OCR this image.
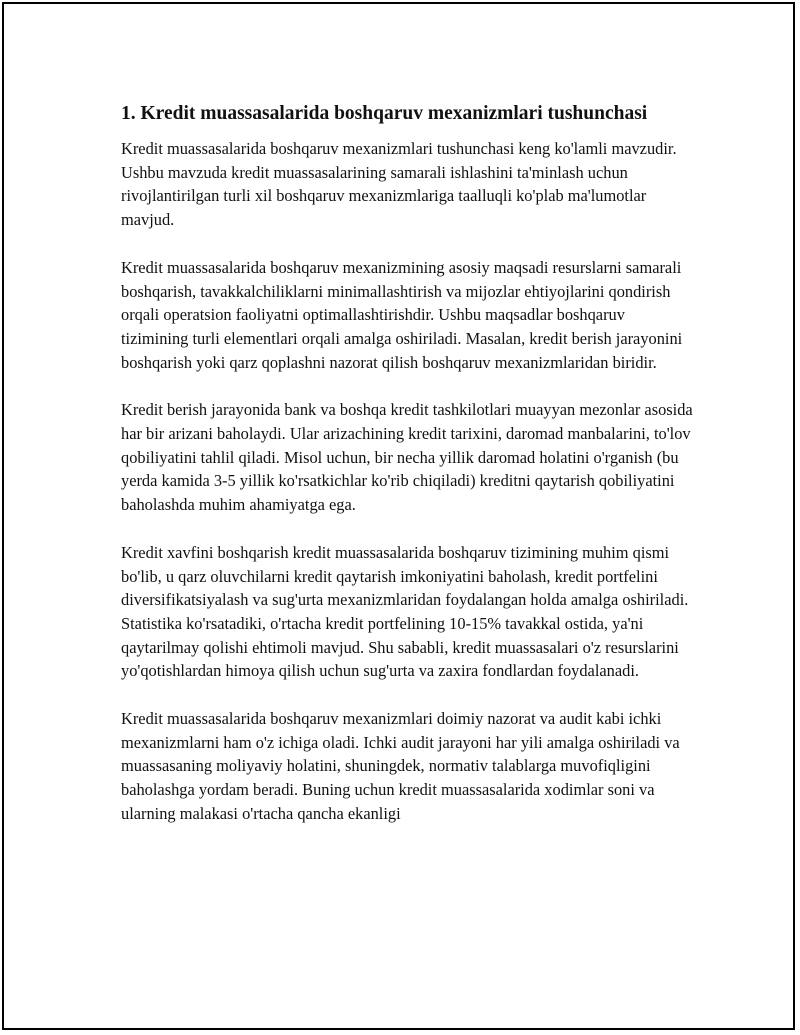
1. Kredit muassasalarida boshqaruv mexanizmlari tushunchasi

Kredit muassasalarida boshqaruv mexanizmlari tushunchasi keng ko'lamli mavzudir. Ushbu mavzuda kredit muassasalarining samarali ishlashini ta'minlash uchun rivojlantirilgan turli xil boshqaruv mexanizmlariga taalluqli ko'plab ma'lumotlar mavjud.

Kredit muassasalarida boshqaruv mexanizmining asosiy maqsadi resurslarni samarali boshqarish, tavakkalchiliklarni minimallashtirish va mijozlar ehtiyojlarini qondirish orqali operatsion faoliyatni optimallashtirishdir. Ushbu maqsadlar boshqaruv tizimining turli elementlari orqali amalga oshiriladi. Masalan, kredit berish jarayonini boshqarish yoki qarz qoplashni nazorat qilish boshqaruv mexanizmlaridan biridir.

Kredit berish jarayonida bank va boshqa kredit tashkilotlari muayyan mezonlar asosida har bir arizani baholaydi. Ular arizachining kredit tarixini, daromad manbalarini, to'lov qobiliyatini tahlil qiladi. Misol uchun, bir necha yillik daromad holatini o'rganish (bu yerda kamida 3-5 yillik ko'rsatkichlar ko'rib chiqiladi) kreditni qaytarish qobiliyatini baholashda muhim ahamiyatga ega.

Kredit xavfini boshqarish kredit muassasalarida boshqaruv tizimining muhim qismi bo'lib, u qarz oluvchilarni kredit qaytarish imkoniyatini baholash, kredit portfelini diversifikatsiyalash va sug'urta mexanizmlaridan foydalangan holda amalga oshiriladi. Statistika ko'rsatadiki, o'rtacha kredit portfelining 10-15% tavakkal ostida, ya'ni qaytarilmay qolishi ehtimoli mavjud. Shu sababli, kredit muassasalari o'z resurslarini yo'qotishlardan himoya qilish uchun sug'urta va zaxira fondlardan foydalanadi.

Kredit muassasalarida boshqaruv mexanizmlari doimiy nazorat va audit kabi ichki mexanizmlarni ham o'z ichiga oladi. Ichki audit jarayoni har yili amalga oshiriladi va muassasaning moliyaviy holatini, shuningdek, normativ talablarga muvofiqligini baholashga yordam beradi. Buning uchun kredit muassasalarida xodimlar soni va ularning malakasi o'rtacha qancha ekanligi
